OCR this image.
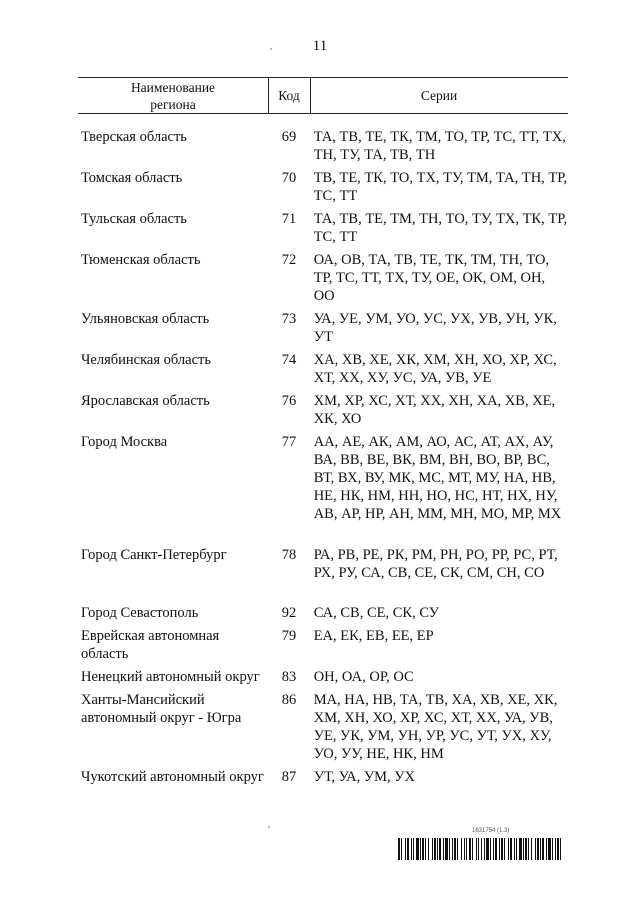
11
Наименование
региона
Код	Серии
Тверская область	69	ТА, ТВ, ТЕ, ТК, ТМ, ТО, ТР, ТС, ТТ, ТХ, ТН, ТУ, ТА, ТВ, ТН
Томская область	70	ТВ, ТЕ, ТК, ТО, ТХ, ТУ, ТМ, ТА, ТН, ТР, ТС, ТТ
Тульская область	71	ТА, ТВ, ТЕ, ТМ, ТН, ТО, ТУ, ТХ, ТК, ТР, ТС, ТТ
Тюменская область	72	ОА, ОВ, ТА, ТВ, ТЕ, ТК, ТМ, ТН, ТО, ТР, ТС, ТТ, ТХ, ТУ, ОЕ, ОК, ОМ, ОН, ОО
Ульяновская область	73	УА, УЕ, УМ, УО, УС, УХ, УВ, УН, УК, УТ
Челябинская область	74	ХА, ХВ, ХЕ, ХК, ХМ, ХН, ХО, ХР, ХС, ХТ, ХХ, ХУ, УС, УА, УВ, УЕ
Ярославская область	76	ХМ, ХР, ХС, ХТ, ХХ, ХН, ХА, ХВ, ХЕ, ХК, ХО
Город Москва	77	АА, АЕ, АК, АМ, АО, АС, АТ, АХ, АУ, ВА, ВВ, ВЕ, ВК, ВМ, ВН, ВО, ВР, ВС, ВТ, ВХ, ВУ, МК, МС, МТ, МУ, НА, НВ, НЕ, НК, НМ, НН, НО, НС, НТ, НХ, НУ, АВ, АР, НР, АН, ММ, МН, МО, МР, МХ
Город Санкт-Петербург	78	РА, РВ, РЕ, РК, РМ, РН, РО, РР, РС, РТ, РХ, РУ, СА, СВ, СЕ, СК, СМ, СН, СО
Город Севастополь	92	СА, СВ, СЕ, СК, СУ
Еврейская автономная область
79	ЕА, ЕК, ЕВ, ЕЕ, ЕР
Ненецкий автономный округ	83	ОН, ОА, ОР, ОС
Ханты-Мансийский автономный округ - Югра
86	МА, НА, НВ, ТА, ТВ, ХА, ХВ, ХЕ, ХК, ХМ, ХН, ХО, ХР, ХС, ХТ, ХХ, УА, УВ, УЕ, УК, УМ, УН, УР, УС, УТ, УХ, ХУ, УО, УУ, НЕ, НК, НМ
Чукотский автономный округ	87	УТ, УА, УМ, УХ
1631754 (1.3)
